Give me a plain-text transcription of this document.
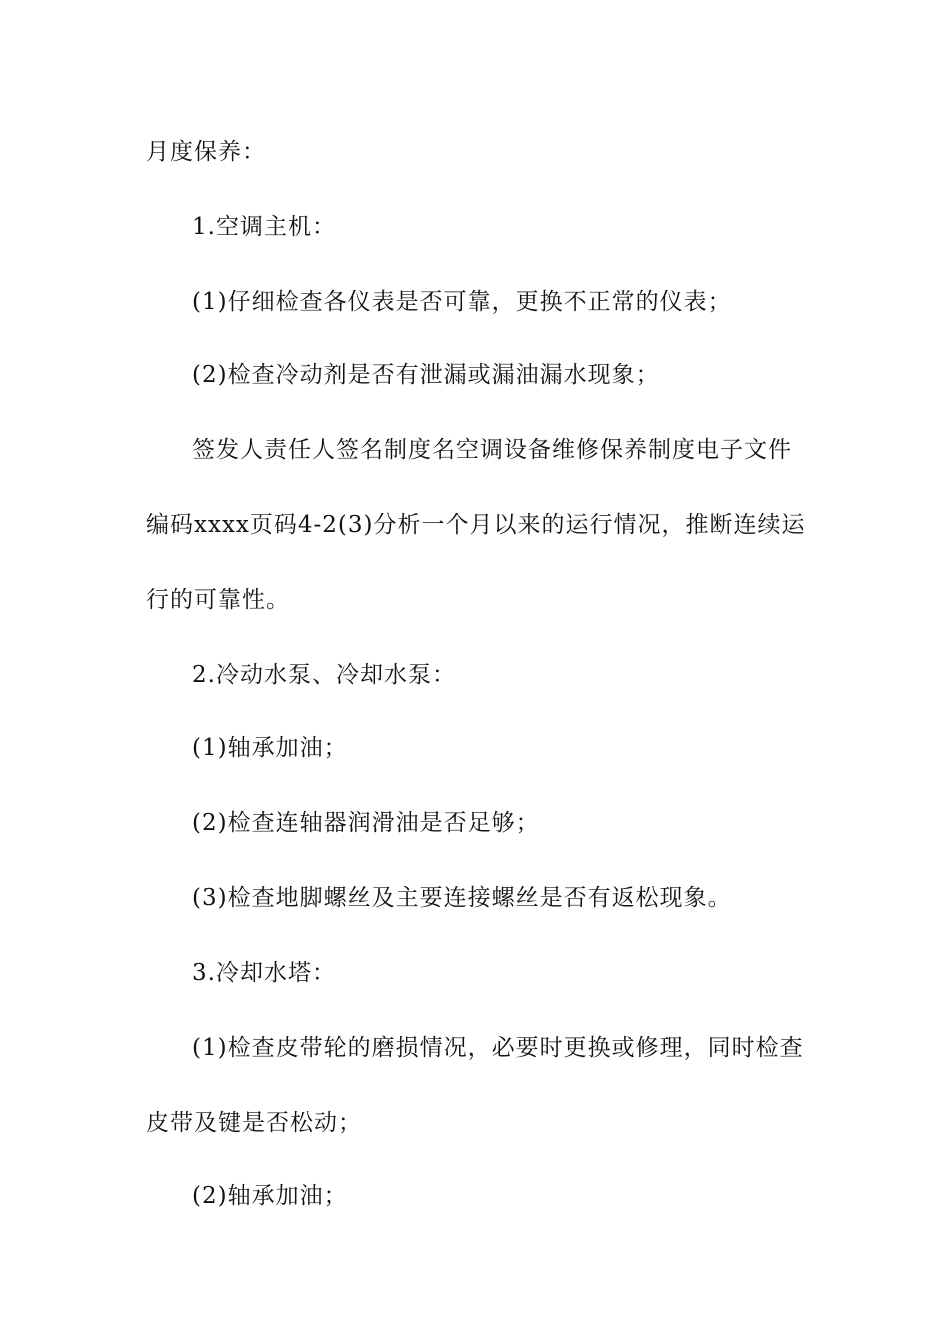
月度保养：
1.空调主机：
(1)仔细检查各仪表是否可靠，更换不正常的仪表；
(2)检查冷动剂是否有泄漏或漏油漏水现象；
签发人责任人签名制度名空调设备维修保养制度电子文件
编码xxxx页码4-2(3)分析一个月以来的运行情况，推断连续运
行的可靠性。
2.冷动水泵、冷却水泵：
(1)轴承加油；
(2)检查连轴器润滑油是否足够；
(3)检查地脚螺丝及主要连接螺丝是否有返松现象。
3.冷却水塔：
(1)检查皮带轮的磨损情况，必要时更换或修理，同时检查
皮带及键是否松动；
(2)轴承加油；
